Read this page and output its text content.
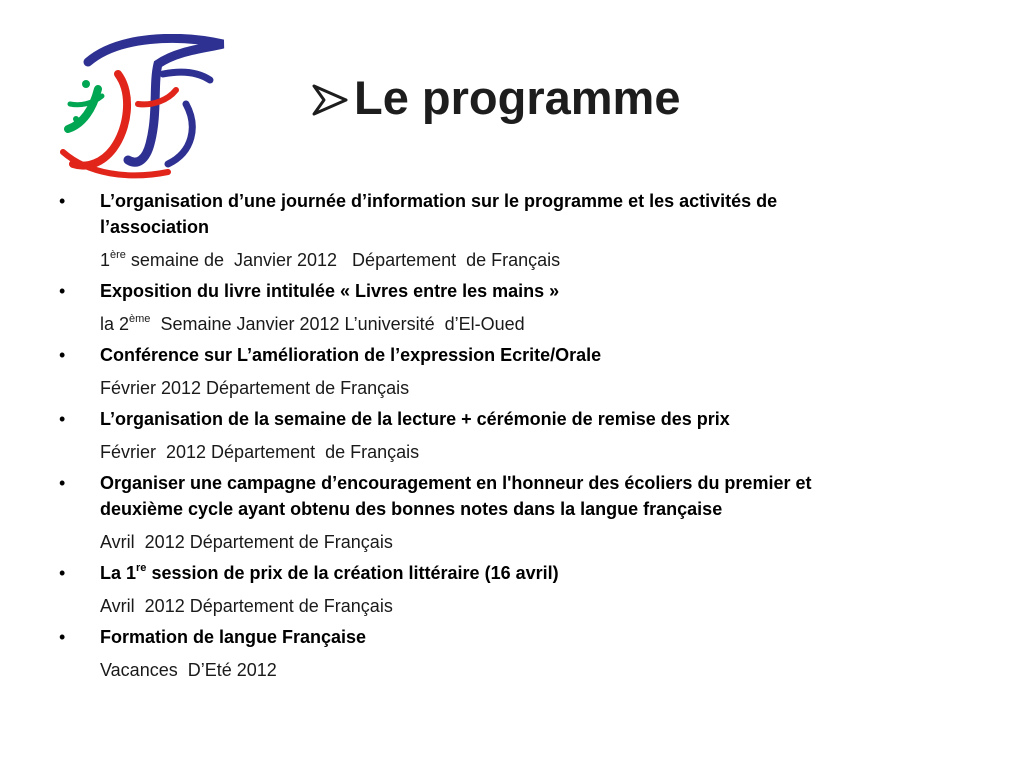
Le programme
• L’organisation d’une journée d’information sur le programme et les activités de l’association
1ère semaine de  Janvier 2012   Département  de Français
• Exposition du livre intitulée « Livres entre les mains »
la 2ème  Semaine Janvier 2012 L’université  d’El-Oued
• Conférence sur L’amélioration de l’expression Ecrite/Orale
Février 2012 Département de Français
• L’organisation de la semaine de la lecture + cérémonie de remise des prix
Février  2012 Département  de Français
• Organiser une campagne d’encouragement en l'honneur des écoliers du premier et deuxième cycle ayant obtenu des bonnes notes dans la langue française
Avril  2012 Département de Français
• La 1re session de prix de la création littéraire (16 avril)
Avril  2012 Département de Français
• Formation de langue Française
Vacances  D’Eté 2012
